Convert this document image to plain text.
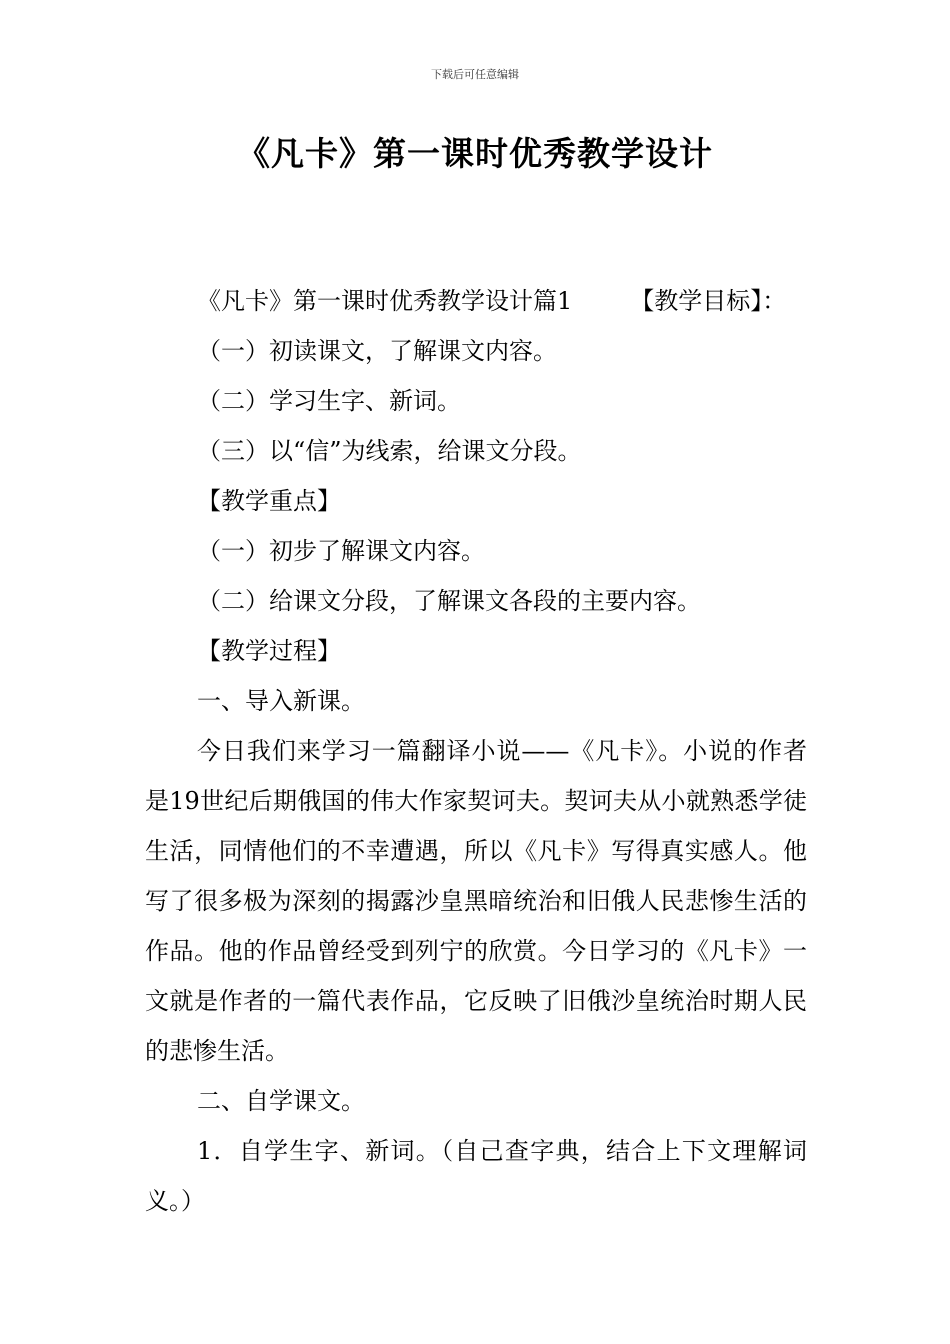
下载后可任意编辑
《凡卡》第一课时优秀教学设计

《凡卡》第一课时优秀教学设计篇1 【教学目标】：

（一）初读课文，了解课文内容。

（二）学习生字、新词。

（三）以“信”为线索，给课文分段。

【教学重点】

（一）初步了解课文内容。

（二）给课文分段，了解课文各段的主要内容。

【教学过程】

一、导入新课。

今日我们来学习一篇翻译小说——《凡卡》。小说的作者是19世纪后期俄国的伟大作家契诃夫。契诃夫从小就熟悉学徒生活，同情他们的不幸遭遇，所以《凡卡》写得真实感人。他写了很多极为深刻的揭露沙皇黑暗统治和旧俄人民悲惨生活的作品。他的作品曾经受到列宁的欣赏。今日学习的《凡卡》一文就是作者的一篇代表作品，它反映了旧俄沙皇统治时期人民的悲惨生活。

二、自学课文。

1．自学生字、新词。（自己查字典，结合上下文理解词义。）
